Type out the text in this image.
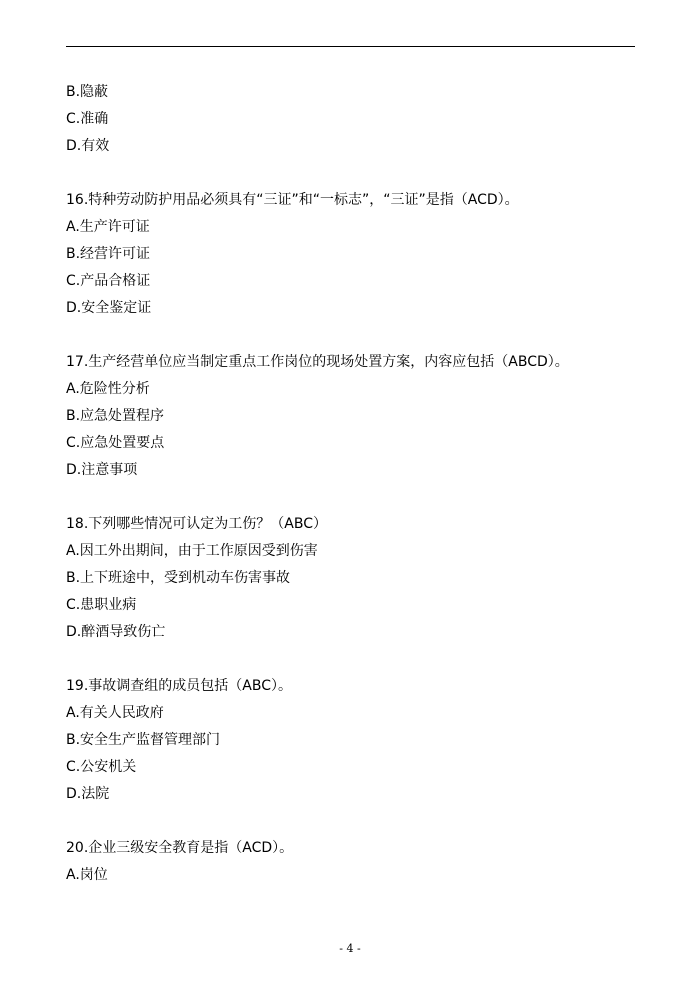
B.隐蔽
C.准确
D.有效
16.特种劳动防护用品必须具有“三证”和“一标志”，“三证”是指（ACD）。
A.生产许可证
B.经营许可证
C.产品合格证
D.安全鉴定证
17.生产经营单位应当制定重点工作岗位的现场处置方案，内容应包括（ABCD）。
A.危险性分析
B.应急处置程序
C.应急处置要点
D.注意事项
18.下列哪些情况可认定为工伤？（ABC）
A.因工外出期间，由于工作原因受到伤害
B.上下班途中，受到机动车伤害事故
C.患职业病
D.醉酒导致伤亡
19.事故调查组的成员包括（ABC）。
A.有关人民政府
B.安全生产监督管理部门
C.公安机关
D.法院
20.企业三级安全教育是指（ACD）。
A.岗位
- 4 -
